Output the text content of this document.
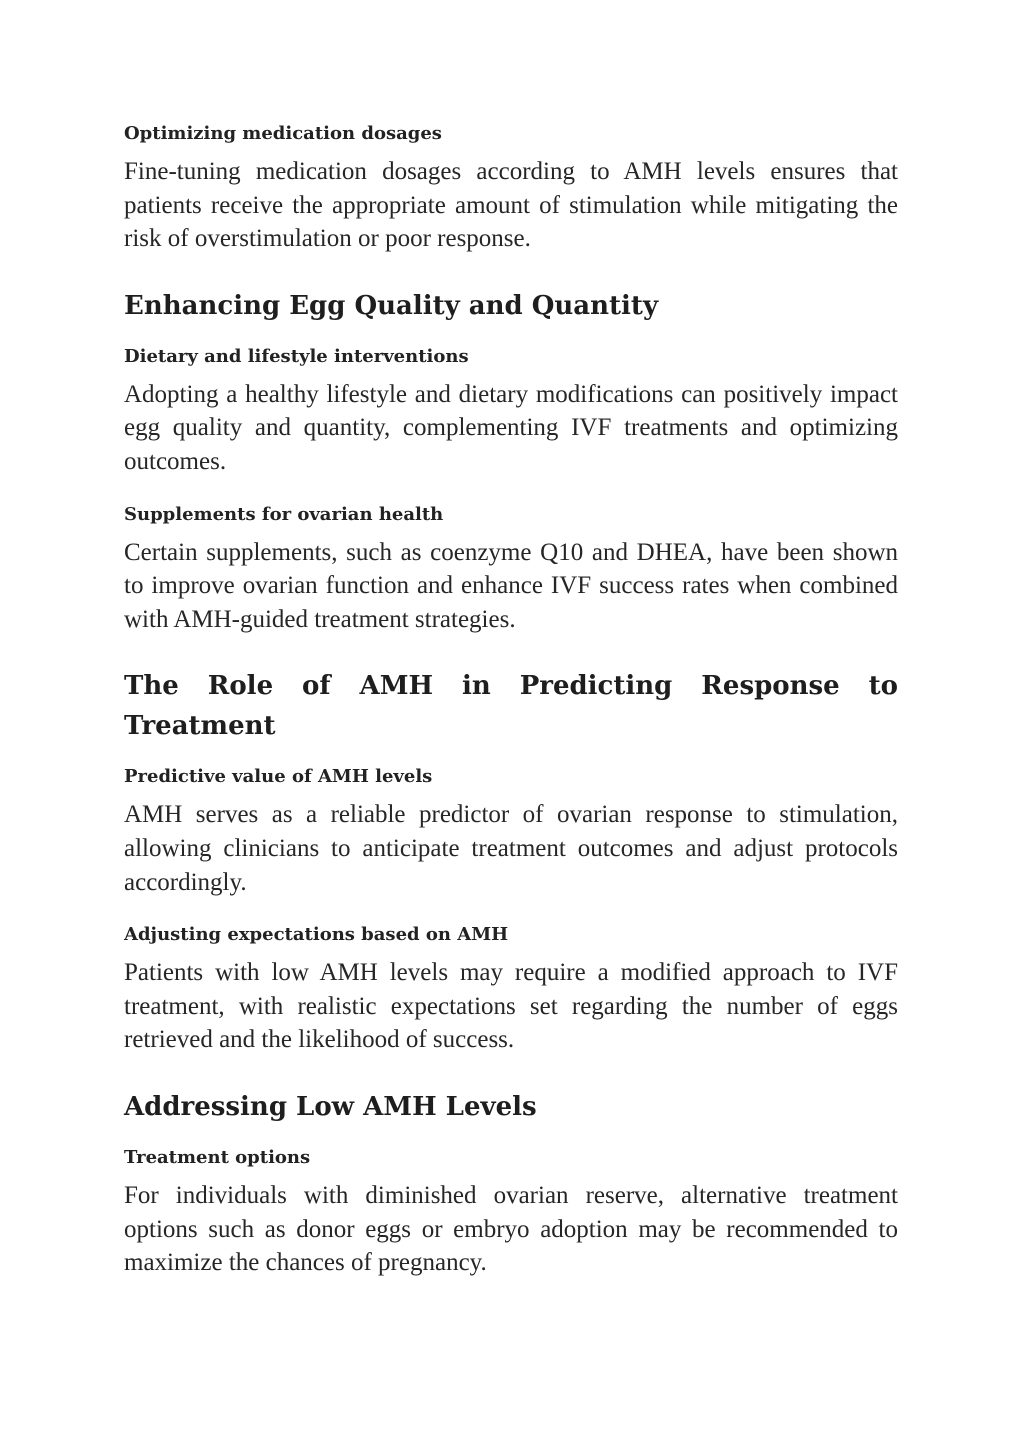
Optimizing medication dosages

Fine-tuning medication dosages according to AMH levels ensures that patients receive the appropriate amount of stimulation while mitigating the risk of overstimulation or poor response.

Enhancing Egg Quality and Quantity
Dietary and lifestyle interventions

Adopting a healthy lifestyle and dietary modifications can positively impact egg quality and quantity, complementing IVF treatments and optimizing outcomes.

Supplements for ovarian health

Certain supplements, such as coenzyme Q10 and DHEA, have been shown to improve ovarian function and enhance IVF success rates when combined with AMH-guided treatment strategies.

The Role of AMH in Predicting Response to Treatment
Predictive value of AMH levels

AMH serves as a reliable predictor of ovarian response to stimulation, allowing clinicians to anticipate treatment outcomes and adjust protocols accordingly.

Adjusting expectations based on AMH

Patients with low AMH levels may require a modified approach to IVF treatment, with realistic expectations set regarding the number of eggs retrieved and the likelihood of success.

Addressing Low AMH Levels
Treatment options

For individuals with diminished ovarian reserve, alternative treatment options such as donor eggs or embryo adoption may be recommended to maximize the chances of pregnancy.
